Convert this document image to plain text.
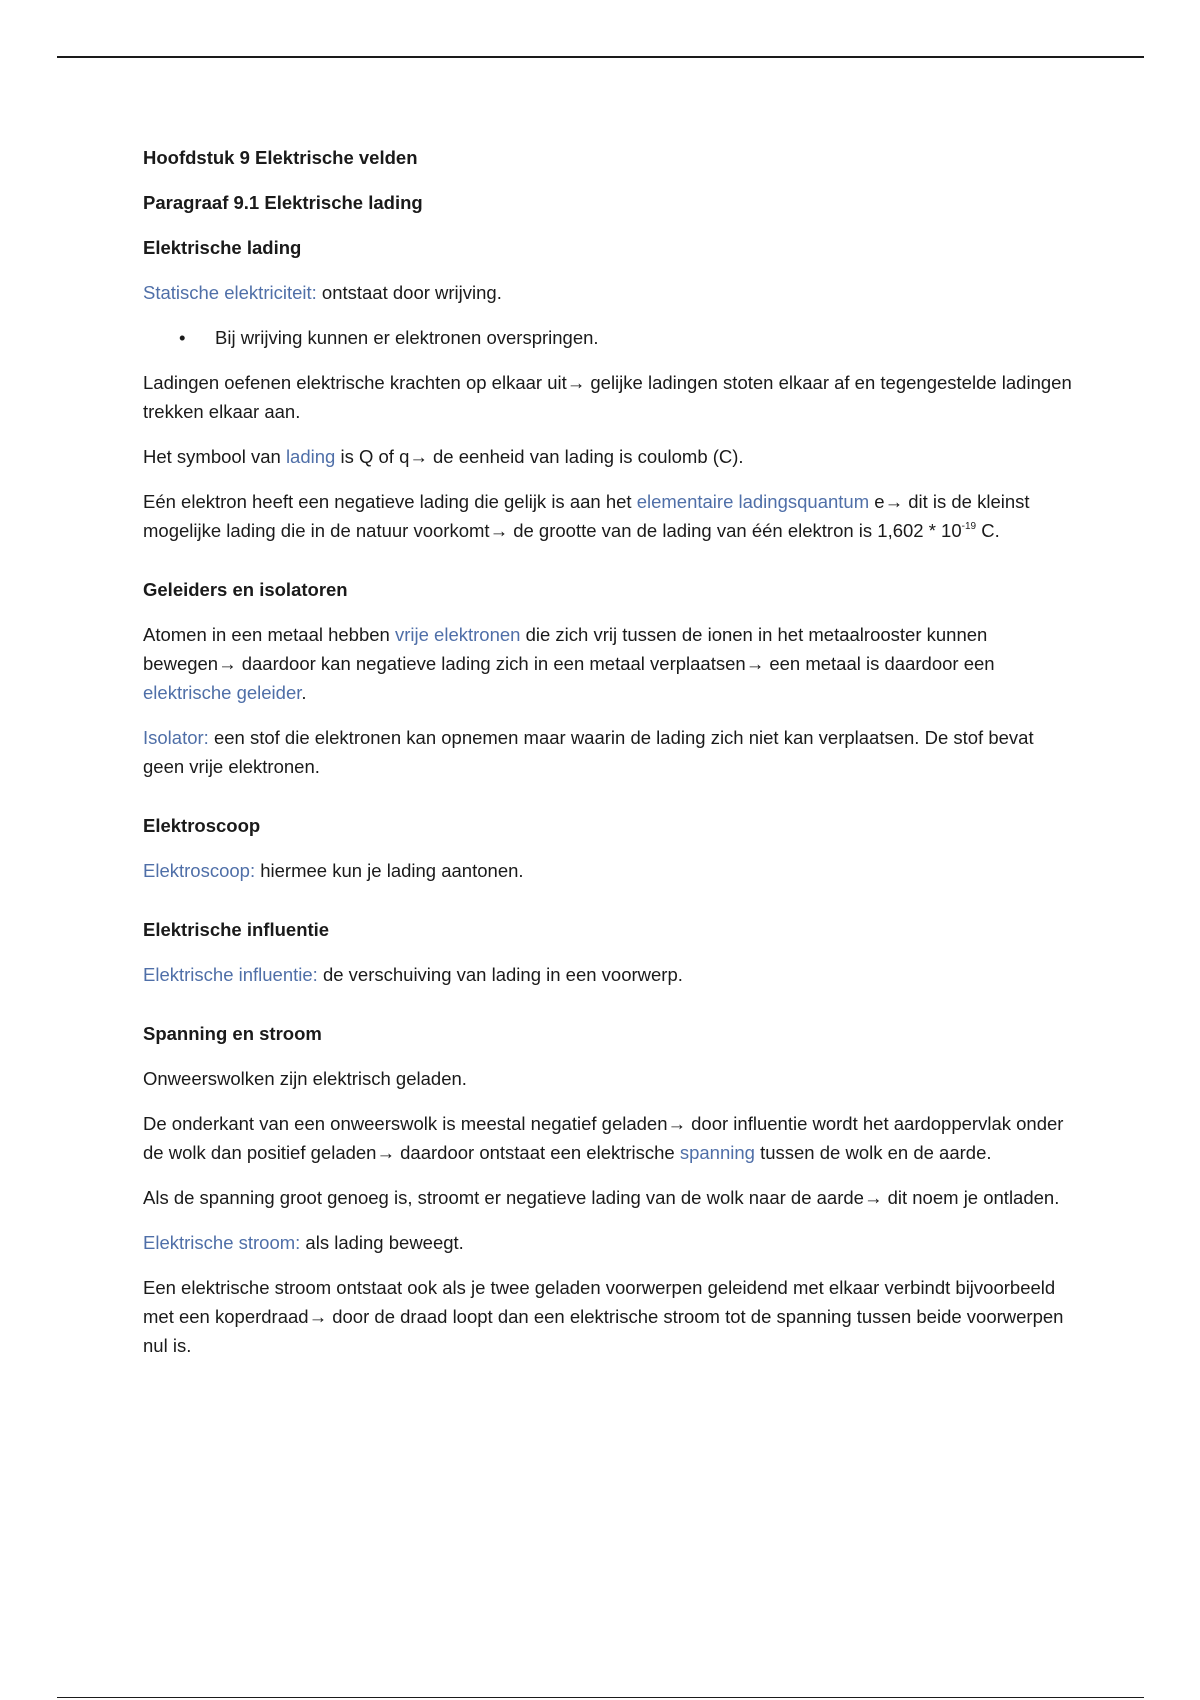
Hoofdstuk 9 Elektrische velden
Paragraaf 9.1 Elektrische lading
Elektrische lading

Statische elektriciteit: ontstaat door wrijving.

• Bij wrijving kunnen er elektronen overspringen.

Ladingen oefenen elektrische krachten op elkaar uit→ gelijke ladingen stoten elkaar af en tegengestelde ladingen trekken elkaar aan.

Het symbool van lading is Q of q→ de eenheid van lading is coulomb (C).

Eén elektron heeft een negatieve lading die gelijk is aan het elementaire ladingsquantum e→ dit is de kleinst mogelijke lading die in de natuur voorkomt→ de grootte van de lading van één elektron is $1,602 * 10^{-19}$ C.

Geleiders en isolatoren

Atomen in een metaal hebben vrije elektronen die zich vrij tussen de ionen in het metaalrooster kunnen bewegen→ daardoor kan negatieve lading zich in een metaal verplaatsen→ een metaal is daardoor een elektrische geleider.

Isolator: een stof die elektronen kan opnemen maar waarin de lading zich niet kan verplaatsen. De stof bevat geen vrije elektronen.

Elektroscoop

Elektroscoop: hiermee kun je lading aantonen.

Elektrische influentie

Elektrische influentie: de verschuiving van lading in een voorwerp.

Spanning en stroom

Onweerswolken zijn elektrisch geladen.

De onderkant van een onweerswolk is meestal negatief geladen→ door influentie wordt het aardoppervlak onder de wolk dan positief geladen→ daardoor ontstaat een elektrische spanning tussen de wolk en de aarde.

Als de spanning groot genoeg is, stroomt er negatieve lading van de wolk naar de aarde→ dit noem je ontladen.

Elektrische stroom: als lading beweegt.

Een elektrische stroom ontstaat ook als je twee geladen voorwerpen geleidend met elkaar verbindt bijvoorbeeld met een koperdraad→ door de draad loopt dan een elektrische stroom tot de spanning tussen beide voorwerpen nul is.
